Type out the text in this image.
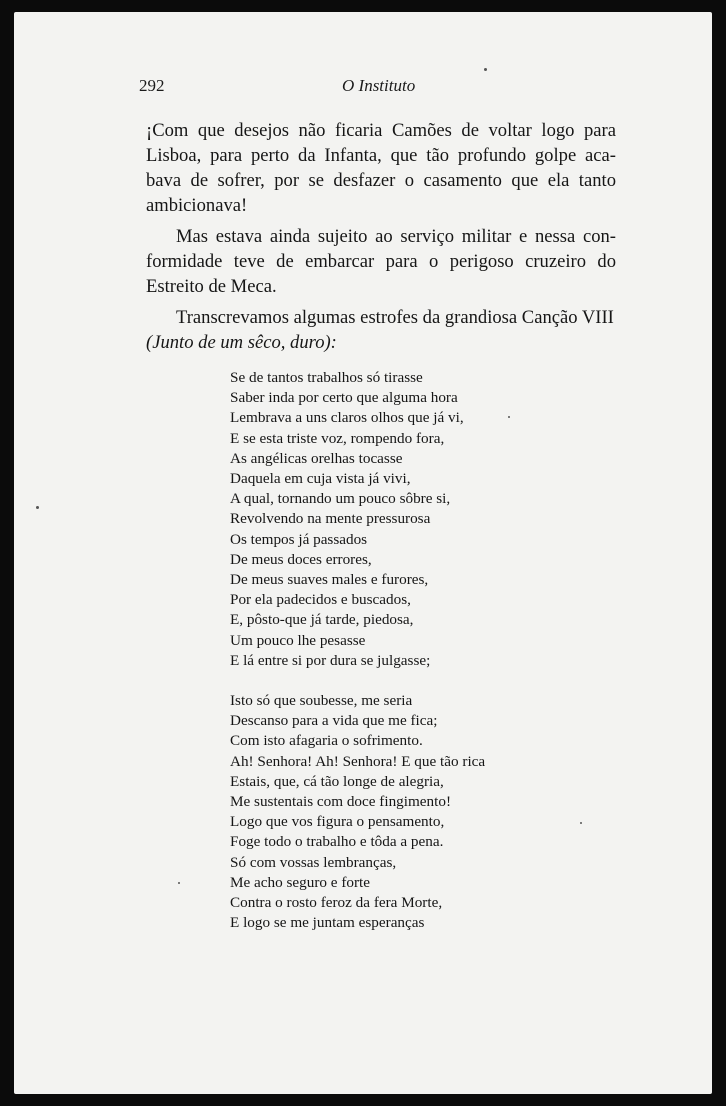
292	O Instituto
¡Com que desejos não ficaria Camões de voltar logo para
Lisboa, para perto da Infanta, que tão profundo golpe aca-
bava de sofrer, por se desfazer o casamento que ela tanto
ambicionava!
Mas estava ainda sujeito ao serviço militar e nessa con-
formidade teve de embarcar para o perigoso cruzeiro do
Estreito de Meca.
Transcrevamos algumas estrofes da grandiosa Canção VIII
(Junto de um sêco, duro):
Se de tantos trabalhos só tirasse
Saber inda por certo que alguma hora
Lembrava a uns claros olhos que já vi,
E se esta triste voz, rompendo fora,
As angélicas orelhas tocasse
Daquela em cuja vista já vivi,
A qual, tornando um pouco sôbre si,
Revolvendo na mente pressurosa
Os tempos já passados
De meus doces errores,
De meus suaves males e furores,
Por ela padecidos e buscados,
E, pôsto-que já tarde, piedosa,
Um pouco lhe pesasse
E lá entre si por dura se julgasse;
Isto só que soubesse, me seria
Descanso para a vida que me fica;
Com isto afagaria o sofrimento.
Ah! Senhora! Ah! Senhora! E que tão rica
Estais, que, cá tão longe de alegria,
Me sustentais com doce fingimento!
Logo que vos figura o pensamento,
Foge todo o trabalho e tôda a pena.
Só com vossas lembranças,
Me acho seguro e forte
Contra o rosto feroz da fera Morte,
E logo se me juntam esperanças
